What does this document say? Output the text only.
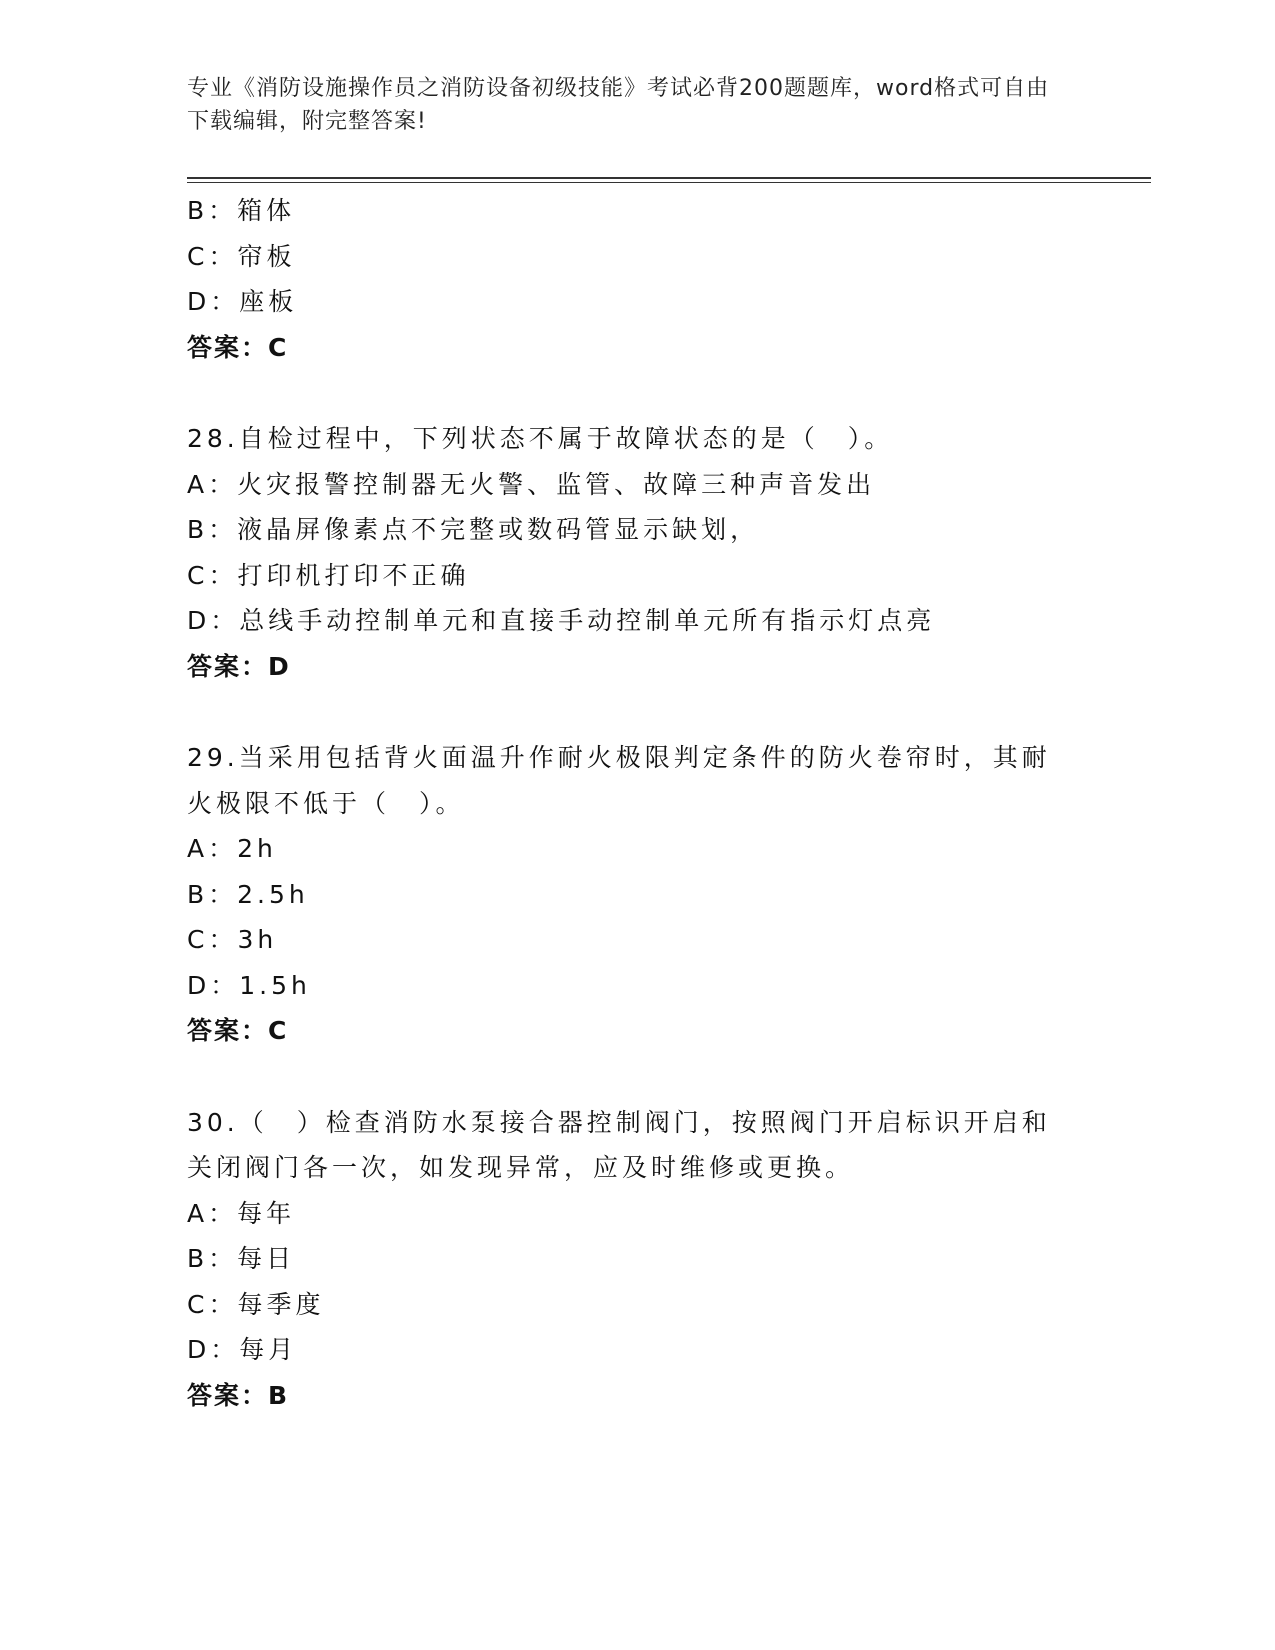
专业《消防设施操作员之消防设备初级技能》考试必背200题题库，word格式可自由下载编辑，附完整答案!
B：箱体
C：帘板
D：座板
答案：C
28.自检过程中，下列状态不属于故障状态的是（　）。
A：火灾报警控制器无火警、监管、故障三种声音发出
B：液晶屏像素点不完整或数码管显示缺划，
C：打印机打印不正确
D：总线手动控制单元和直接手动控制单元所有指示灯点亮
答案：D
29.当采用包括背火面温升作耐火极限判定条件的防火卷帘时，其耐火极限不低于（　）。
A：2h
B：2.5h
C：3h
D：1.5h
答案：C
30.（　）检查消防水泵接合器控制阀门，按照阀门开启标识开启和关闭阀门各一次，如发现异常，应及时维修或更换。
A：每年
B：每日
C：每季度
D：每月
答案：B
